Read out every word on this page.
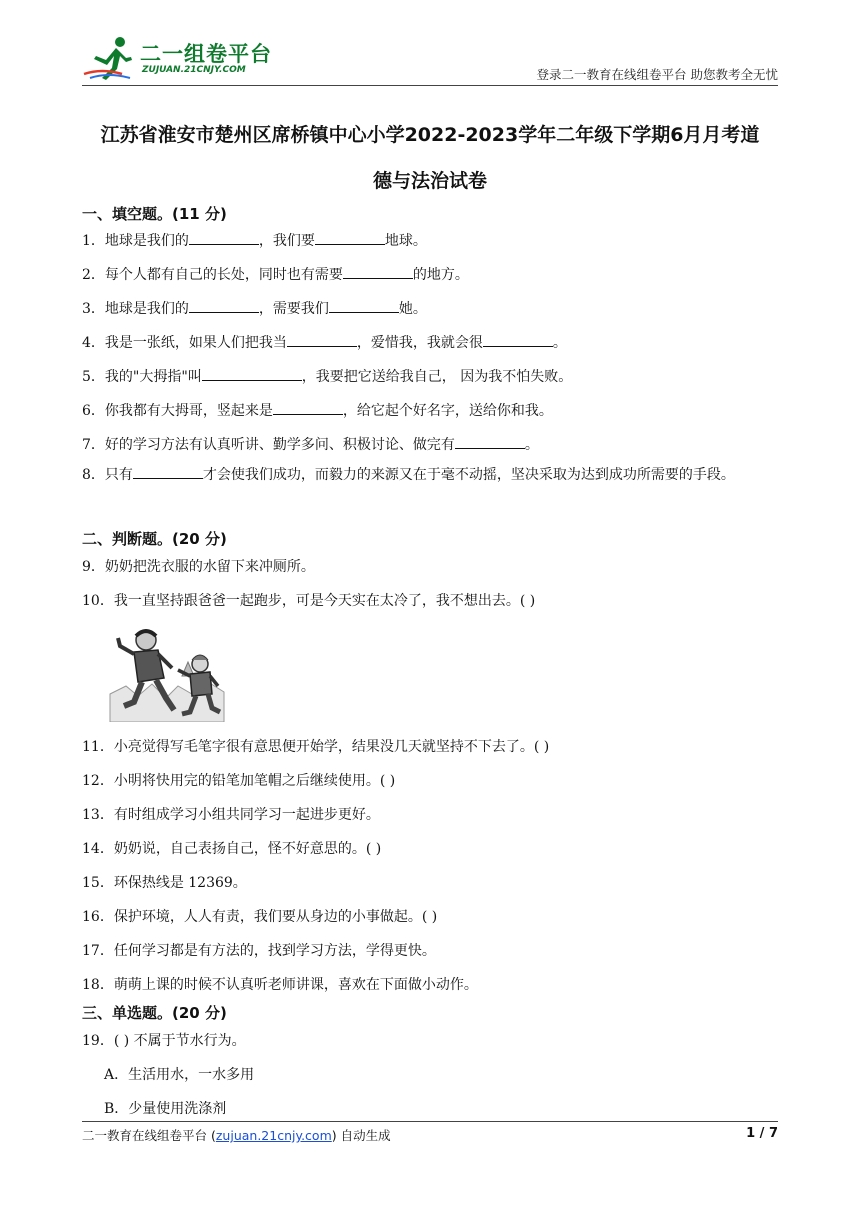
二一组卷平台
ZUJUAN.21CNJY.COM	登录二一教育在线组卷平台 助您教考全无忧
江苏省淮安市楚州区席桥镇中心小学2022-2023学年二年级下学期6月月考道
德与法治试卷
一、填空题。(11 分)
1．地球是我们的	，我们要	地球。
2．每个人都有自己的长处，同时也有需要	的地方。
3．地球是我们的	，需要我们	她。
4．我是一张纸，如果人们把我当	，爱惜我，我就会很	。
5．我的"大拇指"叫	，我要把它送给我自己， 因为我不怕失败。
6．你我都有大拇哥，竖起来是	，给它起个好名字，送给你和我。
7．好的学习方法有认真听讲、勤学多问、积极讨论、做完有	。
8．只有	才会使我们成功，而毅力的来源又在于毫不动摇，坚决采取为达到成功所需要的手段。
二、判断题。(20 分)
9．奶奶把洗衣服的水留下来冲厕所。
10．我一直坚持跟爸爸一起跑步，可是今天实在太冷了，我不想出去。( )
11．小亮觉得写毛笔字很有意思便开始学，结果没几天就坚持不下去了。( )
12．小明将快用完的铅笔加笔帽之后继续使用。( )
13．有时组成学习小组共同学习一起进步更好。
14．奶奶说，自己表扬自己，怪不好意思的。( )
15．环保热线是 12369。
16．保护环境，人人有责，我们要从身边的小事做起。( )
17．任何学习都是有方法的，找到学习方法，学得更快。
18．萌萌上课的时候不认真听老师讲课，喜欢在下面做小动作。
三、单选题。(20 分)
19．( ) 不属于节水行为。
A．生活用水，一水多用
B．少量使用洗涤剂
二一教育在线组卷平台 (zujuan.21cnjy.com) 自动生成	1 / 7
